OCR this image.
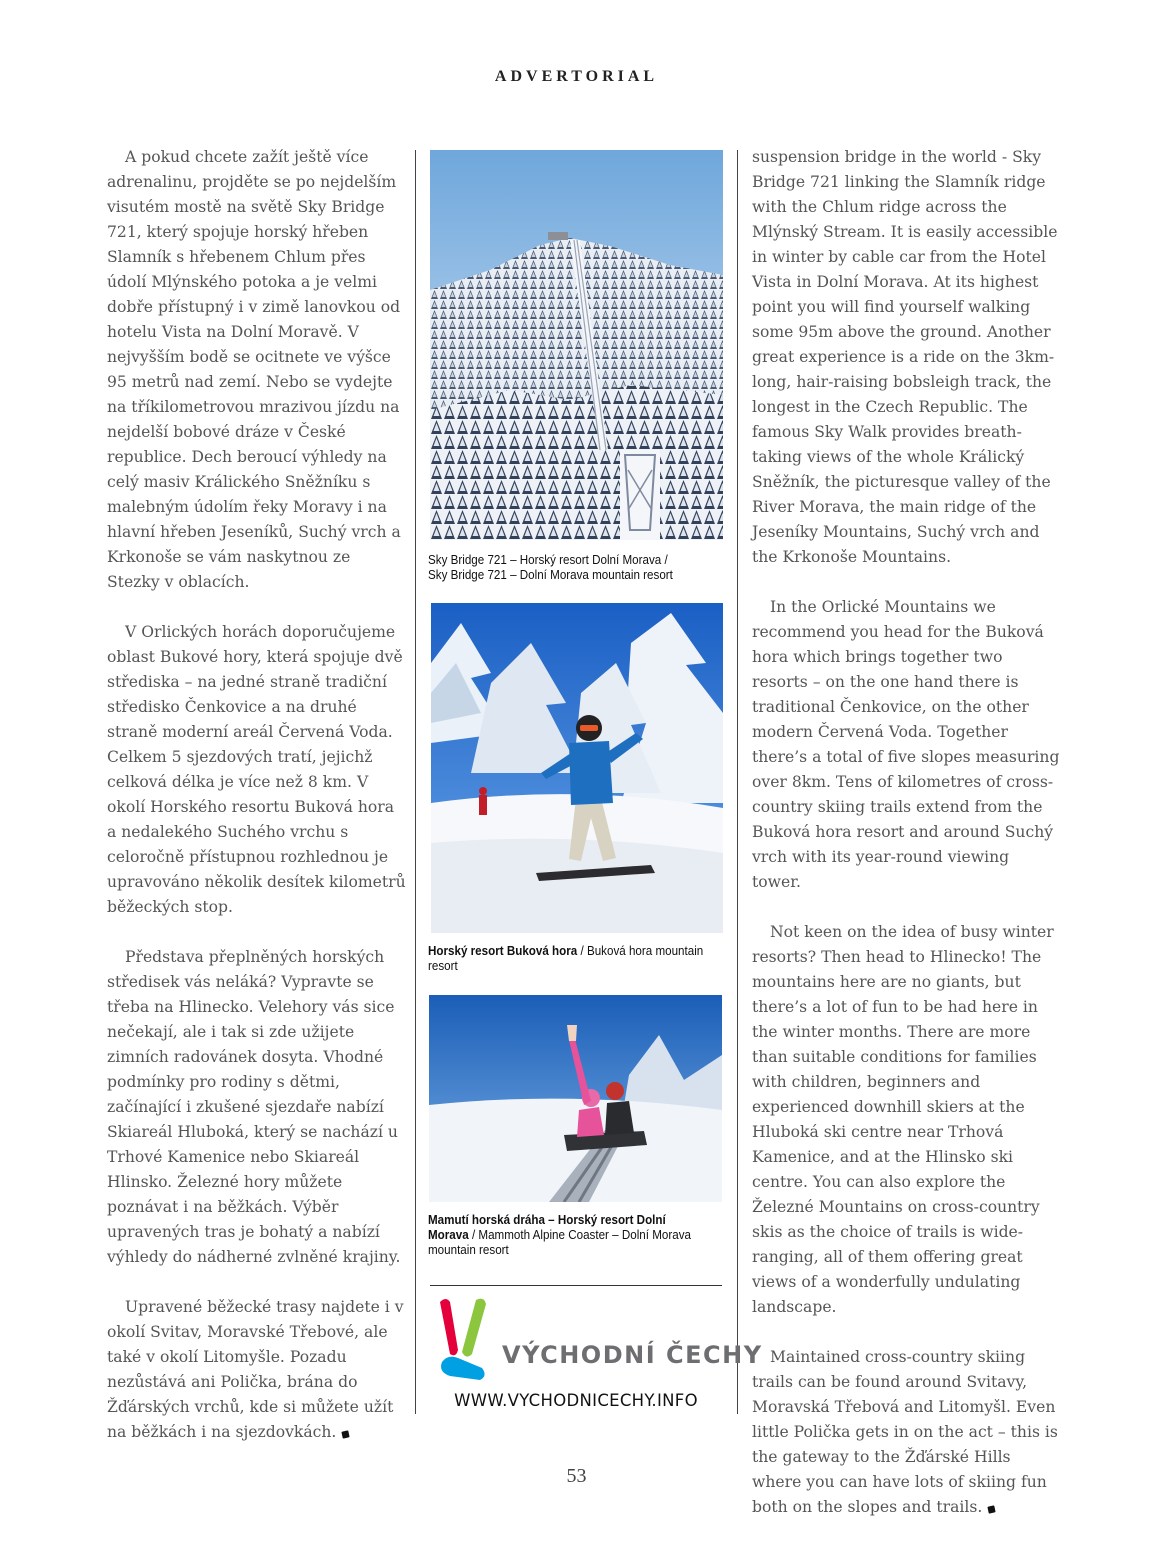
ADVERTORIAL

A pokud chcete zažít ještě více adrenalinu, projděte se po nejdelším visutém mostě na světě Sky Bridge 721, který spojuje horský hřeben Slamník s hřebenem Chlum přes údolí Mlýnského potoka a je velmi dobře přístupný i v zimě lanovkou od hotelu Vista na Dolní Moravě. V nejvyšším bodě se ocitnete ve výšce 95 metrů nad zemí. Nebo se vydejte na tříkilometrovou mrazivou jízdu na nejdelší bobové dráze v České republice. Dech beroucí výhledy na celý masiv Králického Sněžníku s malebným údolím řeky Moravy i na hlavní hřeben Jeseníků, Suchý vrch a Krkonoše se vám naskytnou ze Stezky v oblacích.

V Orlických horách doporučujeme oblast Bukové hory, která spojuje dvě střediska – na jedné straně tradiční středisko Čenkovice a na druhé straně moderní areál Červená Voda. Celkem 5 sjezdových tratí, jejichž celková délka je více než 8 km. V okolí Horského resortu Buková hora a nedalekého Suchého vrchu s celoročně přístupnou rozhlednou je upravováno několik desítek kilometrů běžeckých stop.

Představa přeplněných horských středisek vás neláká? Vypravte se třeba na Hlinecko. Velehory vás sice nečekají, ale i tak si zde užijete zimních radovánek dosyta. Vhodné podmínky pro rodiny s dětmi, začínající i zkušené sjezdaře nabízí Skiareál Hluboká, který se nachází u Trhové Kamenice nebo Skiareál Hlinsko. Železné hory můžete poznávat i na běžkách. Výběr upravených tras je bohatý a nabízí výhledy do nádherné zvlněné krajiny.

Upravené běžecké trasy najdete i v okolí Svitav, Moravské Třebové, ale také v okolí Litomyšle. Pozadu nezůstává ani Polička, brána do Žďárských vrchů, kde si můžete užít na běžkách i na sjezdovkách.

Sky Bridge 721 – Horský resort Dolní Morava /
Sky Bridge 721 – Dolní Morava mountain resort
Horský resort Buková hora / Buková hora mountain resort
Mamutí horská dráha – Horský resort Dolní Morava / Mammoth Alpine Coaster – Dolní Morava mountain resort
VÝCHODNÍ ČECHY
WWW.VYCHODNICECHY.INFO

suspension bridge in the world - Sky Bridge 721 linking the Slamník ridge with the Chlum ridge across the Mlýnský Stream. It is easily accessible in winter by cable car from the Hotel Vista in Dolní Morava. At its highest point you will find yourself walking some 95m above the ground. Another great experience is a ride on the 3km-long, hair-raising bobsleigh track, the longest in the Czech Republic. The famous Sky Walk provides breath-taking views of the whole Králický Sněžník, the picturesque valley of the River Morava, the main ridge of the Jeseníky Mountains, Suchý vrch and the Krkonoše Mountains.

In the Orlické Mountains we recommend you head for the Buková hora which brings together two resorts – on the one hand there is traditional Čenkovice, on the other modern Červená Voda. Together there’s a total of five slopes measuring over 8km. Tens of kilometres of cross-country skiing trails extend from the Buková hora resort and around Suchý vrch with its year-round viewing tower.

Not keen on the idea of busy winter resorts? Then head to Hlinecko! The mountains here are no giants, but there’s a lot of fun to be had here in the winter months. There are more than suitable conditions for families with children, beginners and experienced downhill skiers at the Hluboká ski centre near Trhová Kamenice, and at the Hlinsko ski centre. You can also explore the Železné Mountains on cross-country skis as the choice of trails is wide-ranging, all of them offering great views of a wonderfully undulating landscape.

Maintained cross-country skiing trails can be found around Svitavy, Moravská Třebová and Litomyšl. Even little Polička gets in on the act – this is the gateway to the Žďárské Hills where you can have lots of skiing fun both on the slopes and trails.

53
